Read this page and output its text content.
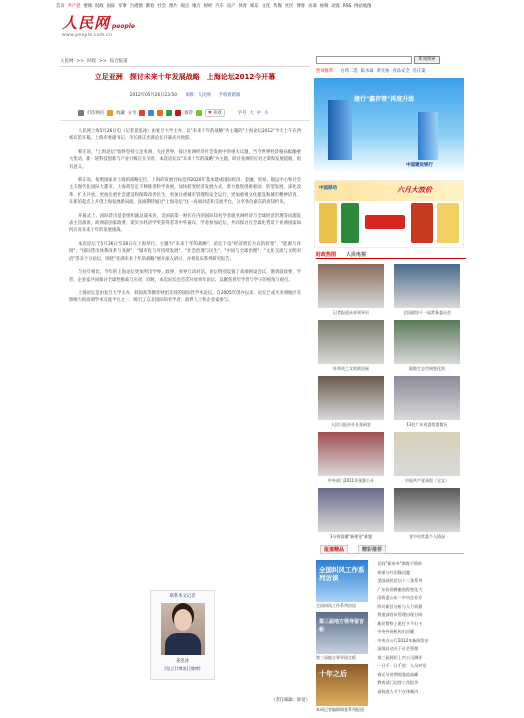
首页 共产党 要闻 时政 国际 军事 台港澳 教育 社会 图片 观点 地方 财经 汽车 房产 体育 娱乐 文化 传媒 社区 博客 访谈 视频 动漫 RSS 网站地图
人民网 people
www.people.com.cn
人民网 >> 时政 >> 综合报道
立足亚洲　探讨未来十年发展战略　上海论坛2012今开幕
2012年05月26日23:50 来源：人民网 手机看新闻
打印网页	收藏 分享	推荐	♥ 喜欢	字号 大 中 小

人民网上海5月26日电（记者姜泓冰）由复旦大学主办、以"未来十年的战略"为主题的"上海论坛2012"今天上午在西郊宾馆开幕。上海市委副书记、市长韩正出席论坛开幕式并致辞。

韩正说，"上海论坛"始终坚持立足亚洲、关注世界，探讨亚洲经济社会发展中的重大议题，当今世界经济格局酝酿重大变动，新一轮科技创新与产业升级正在孕育，本次论坛以"未来十年的战略"为主题，研讨亚洲的应对之策和发展道路，很有意义。

韩正说，按照国家对上海的战略定位，上海的发展目标是到2020年基本建成国际经济、金融、贸易、航运中心和社会主义现代化国际大都市。上海将坚定不移推进科学发展，加快转变经济发展方式，着力推进创新驱动、转型发展，深化改革、扩大开放，更加注重社会建设和保障改善民生，更加注重城市管理和安全运行，更加重视文化建设和城市精神培育，在新的起点上开创上海发展新局面。真诚期待通过"上海论坛"这一高端对话和交流平台，分享各位嘉宾的真知灼见。

开幕式上，国际货币基金组织副总裁朱民、美国前第一财长在内的国际知名学者就亚洲经济与全球经济治理等问题发表主旨演讲。欧洲前国家政要、诺贝尔经济学奖获得者等中外嘉宾、学者参加论坛，共同探讨在全球化背景下亚洲国家如何应对未来十年的发展挑战。

本次论坛于5月26日至28日在上海举行。主题为"未来十年的战略"，论坛下设"经济增长方式的转变"、"能源与环境"、"国际货币体系改革与亚洲"、"城市化与可持续发展"、"社会治理与民生"、"中国与全球治理"、"文化交流与文明对话"等多个分论坛，围绕"亚洲未来十年的战略"展开深入研讨，并将发布系列研究报告。

与往年相比，今年的上海论坛更加突出学界、政界、业界互动对话。论坛特别设置了高端圆桌会议，邀请前政要、学者、企业家共同探讨全球性挑战与应对，同时，本次论坛还首次开放青年论坛，以聚焦青年学者与学子的视角与观点。

上海论坛是由复旦大学主办、韩国高等教育财团支持的国际性学术论坛。自2005年创办以来，论坛已成为亚洲地区有影响力的高端学术交流平台之一，吸引了众多国际知名学者、政界人士和企业家参与。

联系本文记者
姜泓冰
[留言] [博客] [微博]
（责任编辑：耿宽）
新闻搜索
热词推荐： 台湾二选 陈水扁 黄光裕 食品安全 肖庄案
建行"鑫存管"再度升级
中国建设银行
中国移动	六月大放价
时政热图 人民电视
记者报道未来领导层	全国政协十一届常务委员会
叶剑英之女的故居展	陆地生态空间变化图
人民日报社社长张研农	13位广东省委常委简历
中央部门2011年预算公开	中国共产党章程（全文）
3分钟读懂"新理论"难题	党中央常委个人情况
报道精品	精彩推荐
全国纠风工作系列访谈
全国纠风工作系列访谈
第三届地方领导留言板
第三届地方领导留言板
十年之后
本网记者编辑调查系列报道
· 民间"新冰冬"调查不简单
· 胡萧分红旧操问题
· 美国网民论坛十三条系列
· 广东投资蜂蜜流程变化大
· 国资委公布二中央企业专
· 四川新区分析与人力资源
· 铁道部官员管理出现丑闻
· 新民警察上班打卡不打卡
· 中央外资机构出问题
· 中央办公厅2012年新闻发布
· 深圳启动关于社会管理
· 第三届阿拉上市公司测评
· 一日千一日千里：人员对话
· 春运节省期间客流高峰
· 教育部门问答工作报告
· 高校选人才不在体制内
